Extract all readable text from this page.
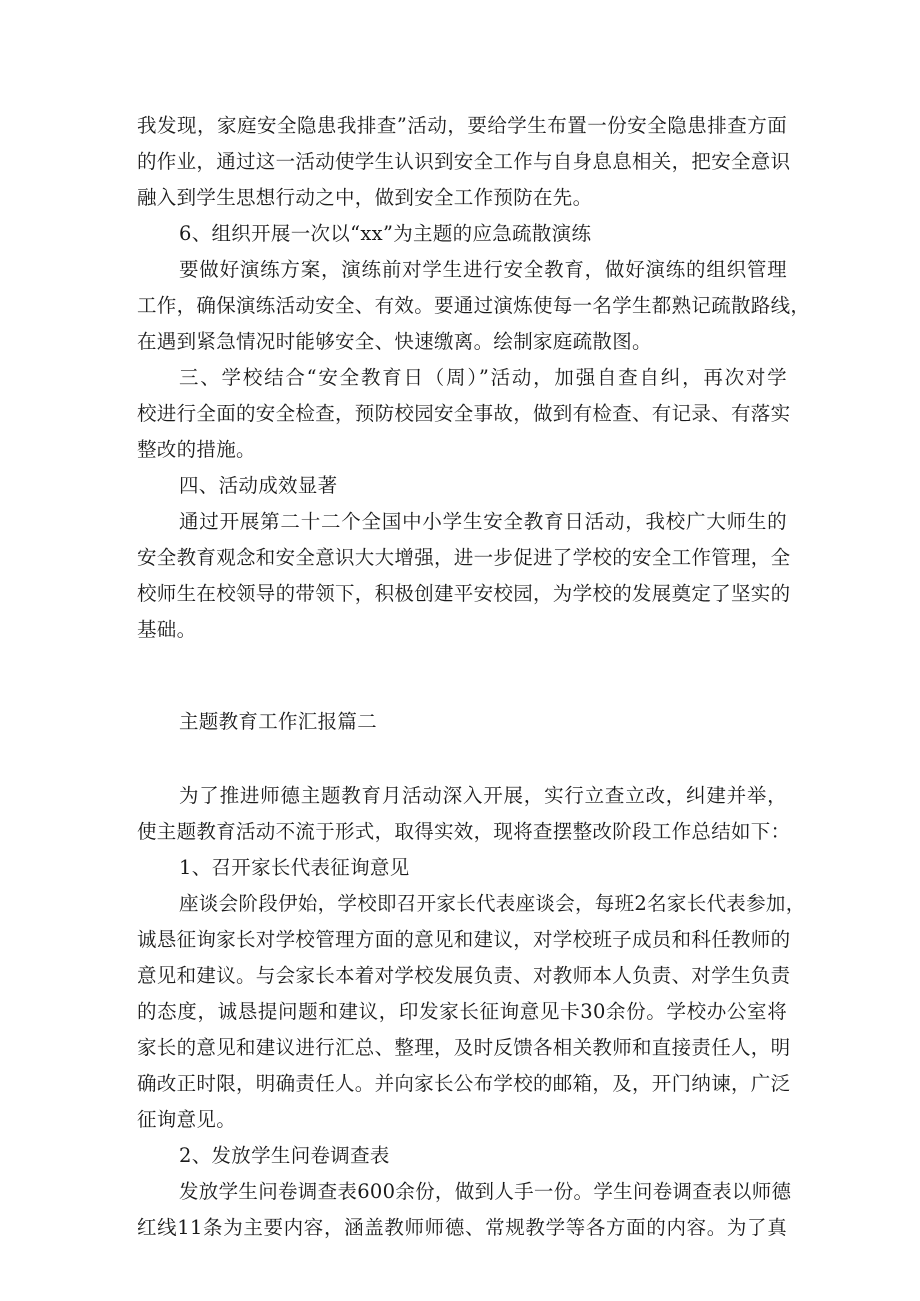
我发现，家庭安全隐患我排查”活动，要给学生布置一份安全隐患排查方面
的作业，通过这一活动使学生认识到安全工作与自身息息相关，把安全意识
融入到学生思想行动之中，做到安全工作预防在先。
6、组织开展一次以“xx”为主题的应急疏散演练
要做好演练方案，演练前对学生进行安全教育，做好演练的组织管理
工作，确保演练活动安全、有效。要通过演炼使每一名学生都熟记疏散路线，
在遇到紧急情况时能够安全、快速缴离。绘制家庭疏散图。
三、学校结合“安全教育日（周）”活动，加强自查自纠，再次对学
校进行全面的安全检查，预防校园安全事故，做到有检查、有记录、有落实
整改的措施。
四、活动成效显著
通过开展第二十二个全国中小学生安全教育日活动，我校广大师生的
安全教育观念和安全意识大大增强，进一步促进了学校的安全工作管理，全
校师生在校领导的带领下，积极创建平安校园，为学校的发展奠定了坚实的
基础。
主题教育工作汇报篇二
为了推进师德主题教育月活动深入开展，实行立查立改，纠建并举，
使主题教育活动不流于形式，取得实效，现将查摆整改阶段工作总结如下：
1、召开家长代表征询意见
座谈会阶段伊始，学校即召开家长代表座谈会，每班2名家长代表参加，
诚恳征询家长对学校管理方面的意见和建议，对学校班子成员和科任教师的
意见和建议。与会家长本着对学校发展负责、对教师本人负责、对学生负责
的态度，诚恳提问题和建议，印发家长征询意见卡30余份。学校办公室将
家长的意见和建议进行汇总、整理，及时反馈各相关教师和直接责任人，明
确改正时限，明确责任人。并向家长公布学校的邮箱，及，开门纳谏，广泛
征询意见。
2、发放学生问卷调查表
发放学生问卷调查表600余份，做到人手一份。学生问卷调查表以师德
红线11条为主要内容，涵盖教师师德、常规教学等各方面的内容。为了真
